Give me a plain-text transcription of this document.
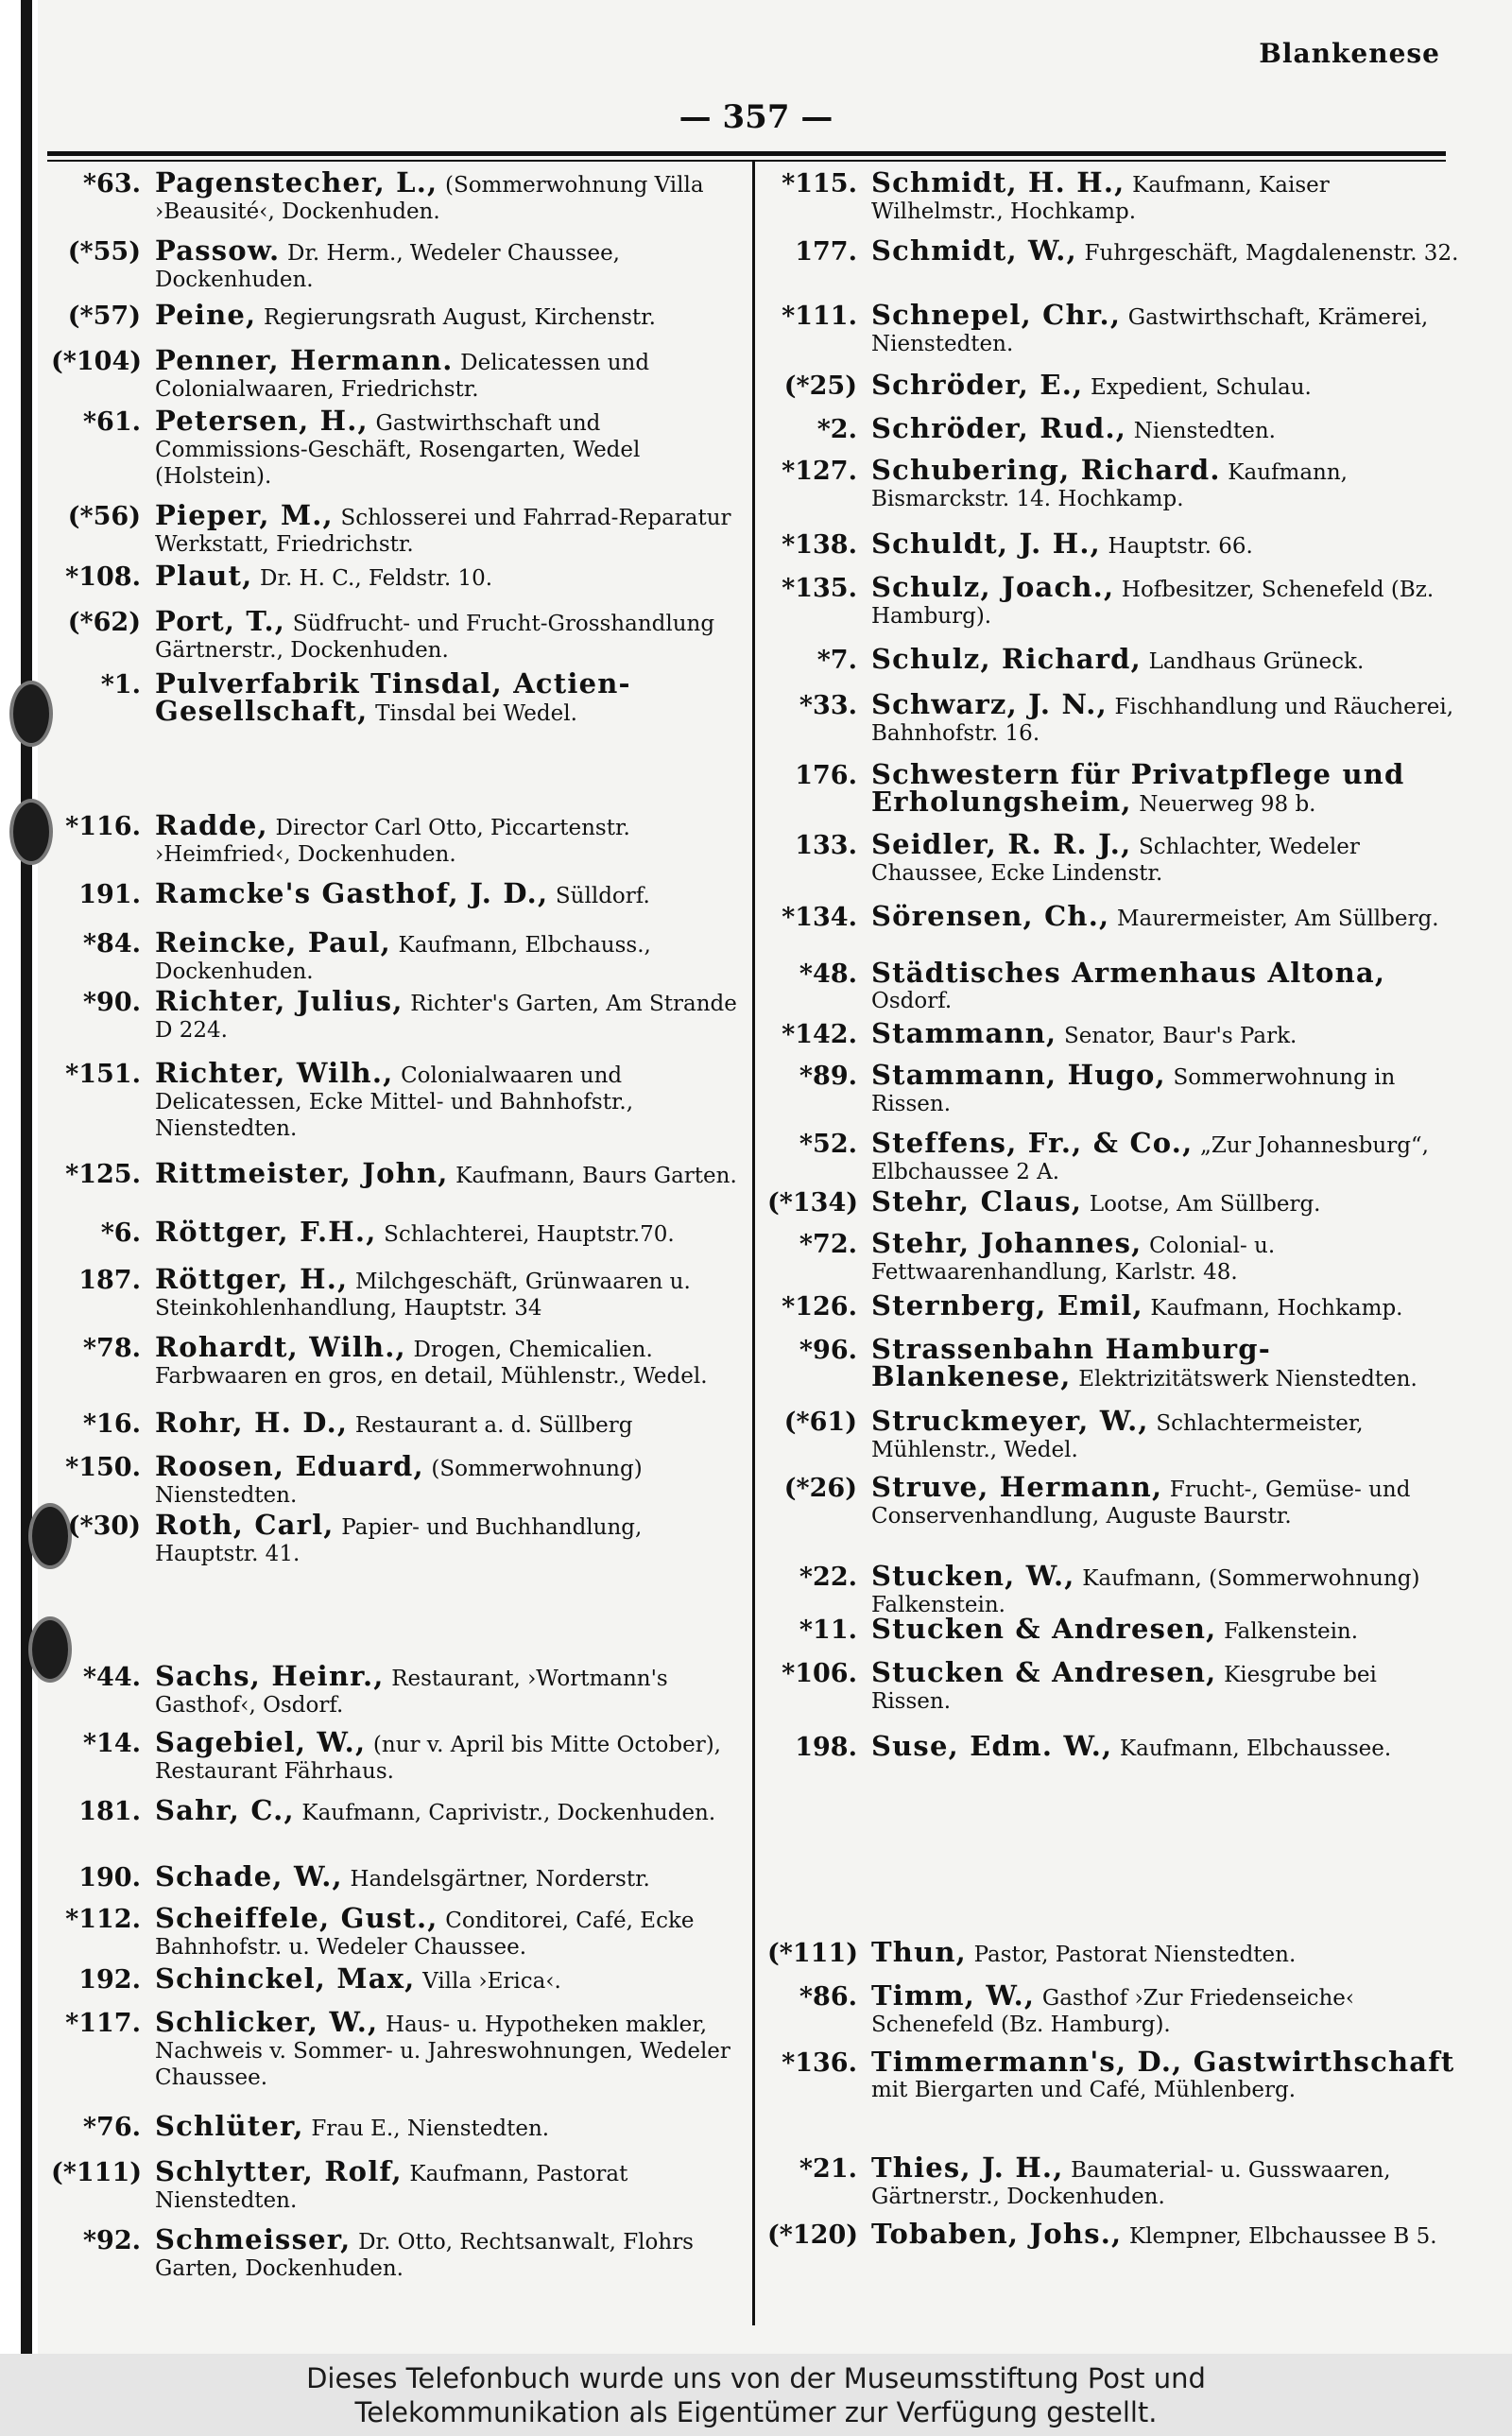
Blankenese
— 357 —
*63. Pagenstecher, L., (Sommerwohnung Villa ›Beausité‹, Dockenhuden.
(*55) Passow. Dr. Herm., Wedeler Chaussee, Dockenhuden.
(*57) Peine, Regierungsrath August, Kirchenstr.
(*104) Penner, Hermann. Delicatessen und Colonialwaaren, Friedrichstr.
*61. Petersen, H., Gastwirthschaft und Commissions-Geschäft, Rosengarten, Wedel (Holstein).
(*56) Pieper, M., Schlosserei und Fahrrad-Reparatur Werkstatt, Friedrichstr.
*108. Plaut, Dr. H. C., Feldstr. 10.
(*62) Port, T., Südfrucht- und Frucht-Grosshandlung Gärtnerstr., Dockenhuden.
*1. Pulverfabrik Tinsdal, Actien-Gesellschaft, Tinsdal bei Wedel.
*116. Radde, Director Carl Otto, Piccartenstr. ›Heimfried‹, Dockenhuden.
191. Ramcke's Gasthof, J. D., Sülldorf.
*84. Reincke, Paul, Kaufmann, Elbchauss., Dockenhuden.
*90. Richter, Julius, Richter's Garten, Am Strande D 224.
*151. Richter, Wilh., Colonialwaaren und Delicatessen, Ecke Mittel- und Bahnhofstr., Nienstedten.
*125. Rittmeister, John, Kaufmann, Baurs Garten.
*6. Röttger, F.H., Schlachterei, Hauptstr.70.
187. Röttger, H., Milchgeschäft, Grünwaaren u. Steinkohlenhandlung, Hauptstr. 34
*78. Rohardt, Wilh., Drogen, Chemicalien. Farbwaaren en gros, en detail, Mühlenstr., Wedel.
*16. Rohr, H. D., Restaurant a. d. Süllberg
*150. Roosen, Eduard, (Sommerwohnung) Nienstedten.
(*30) Roth, Carl, Papier- und Buchhandlung, Hauptstr. 41.
*44. Sachs, Heinr., Restaurant, ›Wortmann's Gasthof‹, Osdorf.
*14. Sagebiel, W., (nur v. April bis Mitte October), Restaurant Fährhaus.
181. Sahr, C., Kaufmann, Caprivistr., Dockenhuden.
190. Schade, W., Handelsgärtner, Norderstr.
*112. Scheiffele, Gust., Conditorei, Café, Ecke Bahnhofstr. u. Wedeler Chaussee.
192. Schinckel, Max, Villa ›Erica‹.
*117. Schlicker, W., Haus- u. Hypotheken makler, Nachweis v. Sommer- u. Jahreswohnungen, Wedeler Chaussee.
*76. Schlüter, Frau E., Nienstedten.
(*111) Schlytter, Rolf, Kaufmann, Pastorat Nienstedten.
*92. Schmeisser, Dr. Otto, Rechtsanwalt, Flohrs Garten, Dockenhuden.
*115. Schmidt, H. H., Kaufmann, Kaiser Wilhelmstr., Hochkamp.
177. Schmidt, W., Fuhrgeschäft, Magdalenenstr. 32.
*111. Schnepel, Chr., Gastwirthschaft, Krämerei, Nienstedten.
(*25) Schröder, E., Expedient, Schulau.
*2. Schröder, Rud., Nienstedten.
*127. Schubering, Richard. Kaufmann, Bismarckstr. 14. Hochkamp.
*138. Schuldt, J. H., Hauptstr. 66.
*135. Schulz, Joach., Hofbesitzer, Schenefeld (Bz. Hamburg).
*7. Schulz, Richard, Landhaus Grüneck.
*33. Schwarz, J. N., Fischhandlung und Räucherei, Bahnhofstr. 16.
176. Schwestern für Privatpflege und Erholungsheim, Neuerweg 98 b.
133. Seidler, R. R. J., Schlachter, Wedeler Chaussee, Ecke Lindenstr.
*134. Sörensen, Ch., Maurermeister, Am Süllberg.
*48. Städtisches Armenhaus Altona, Osdorf.
*142. Stammann, Senator, Baur's Park.
*89. Stammann, Hugo, Sommerwohnung in Rissen.
*52. Steffens, Fr., & Co., „Zur Johannesburg“, Elbchaussee 2 A.
(*134) Stehr, Claus, Lootse, Am Süllberg.
*72. Stehr, Johannes, Colonial- u. Fettwaarenhandlung, Karlstr. 48.
*126. Sternberg, Emil, Kaufmann, Hochkamp.
*96. Strassenbahn Hamburg-Blankenese, Elektrizitätswerk Nienstedten.
(*61) Struckmeyer, W., Schlachtermeister, Mühlenstr., Wedel.
(*26) Struve, Hermann, Frucht-, Gemüse- und Conservenhandlung, Auguste Baurstr.
*22. Stucken, W., Kaufmann, (Sommerwohnung) Falkenstein.
*11. Stucken & Andresen, Falkenstein.
*106. Stucken & Andresen, Kiesgrube bei Rissen.
198. Suse, Edm. W., Kaufmann, Elbchaussee.
(*111) Thun, Pastor, Pastorat Nienstedten.
*86. Timm, W., Gasthof ›Zur Friedenseiche‹ Schenefeld (Bz. Hamburg).
*136. Timmermann's, D., Gastwirthschaft mit Biergarten und Café, Mühlenberg.
*21. Thies, J. H., Baumaterial- u. Gusswaaren, Gärtnerstr., Dockenhuden.
(*120) Tobaben, Johs., Klempner, Elbchaussee B 5.
Dieses Telefonbuch wurde uns von der Museumsstiftung Post und
Telekommunikation als Eigentümer zur Verfügung gestellt.
